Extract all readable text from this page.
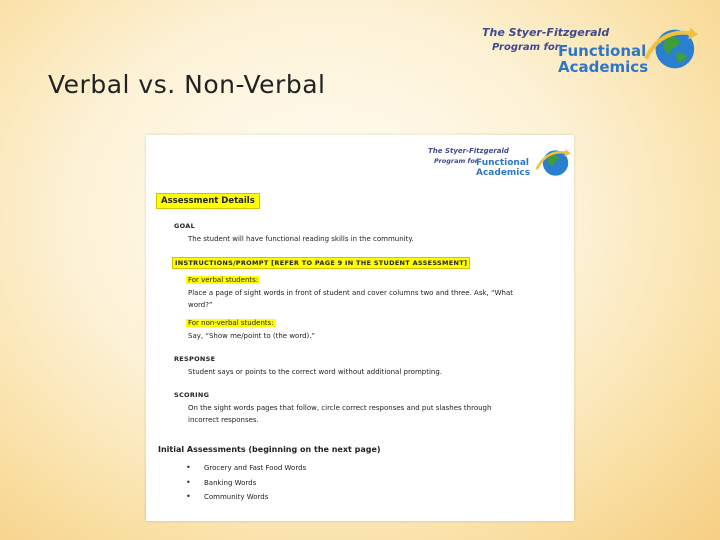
Verbal vs. Non-Verbal
The Styer-Fitzgerald
Program for
Functional
Academics
The Styer-Fitzgerald
Program for
Functional
Academics
Assessment Details
GOAL
The student will have functional reading skills in the community.
INSTRUCTIONS/PROMPT [REFER TO PAGE 9 IN THE STUDENT ASSESSMENT]
For verbal students:
Place a page of sight words in front of student and cover columns two and three. Ask, “What
word?”
For non-verbal students:
Say, “Show me/point to (the word).”
RESPONSE
Student says or points to the correct word without additional prompting.
SCORING
On the sight words pages that follow, circle correct responses and put slashes through
incorrect responses.
Initial Assessments (beginning on the next page)
• Grocery and Fast Food Words
• Banking Words
• Community Words
